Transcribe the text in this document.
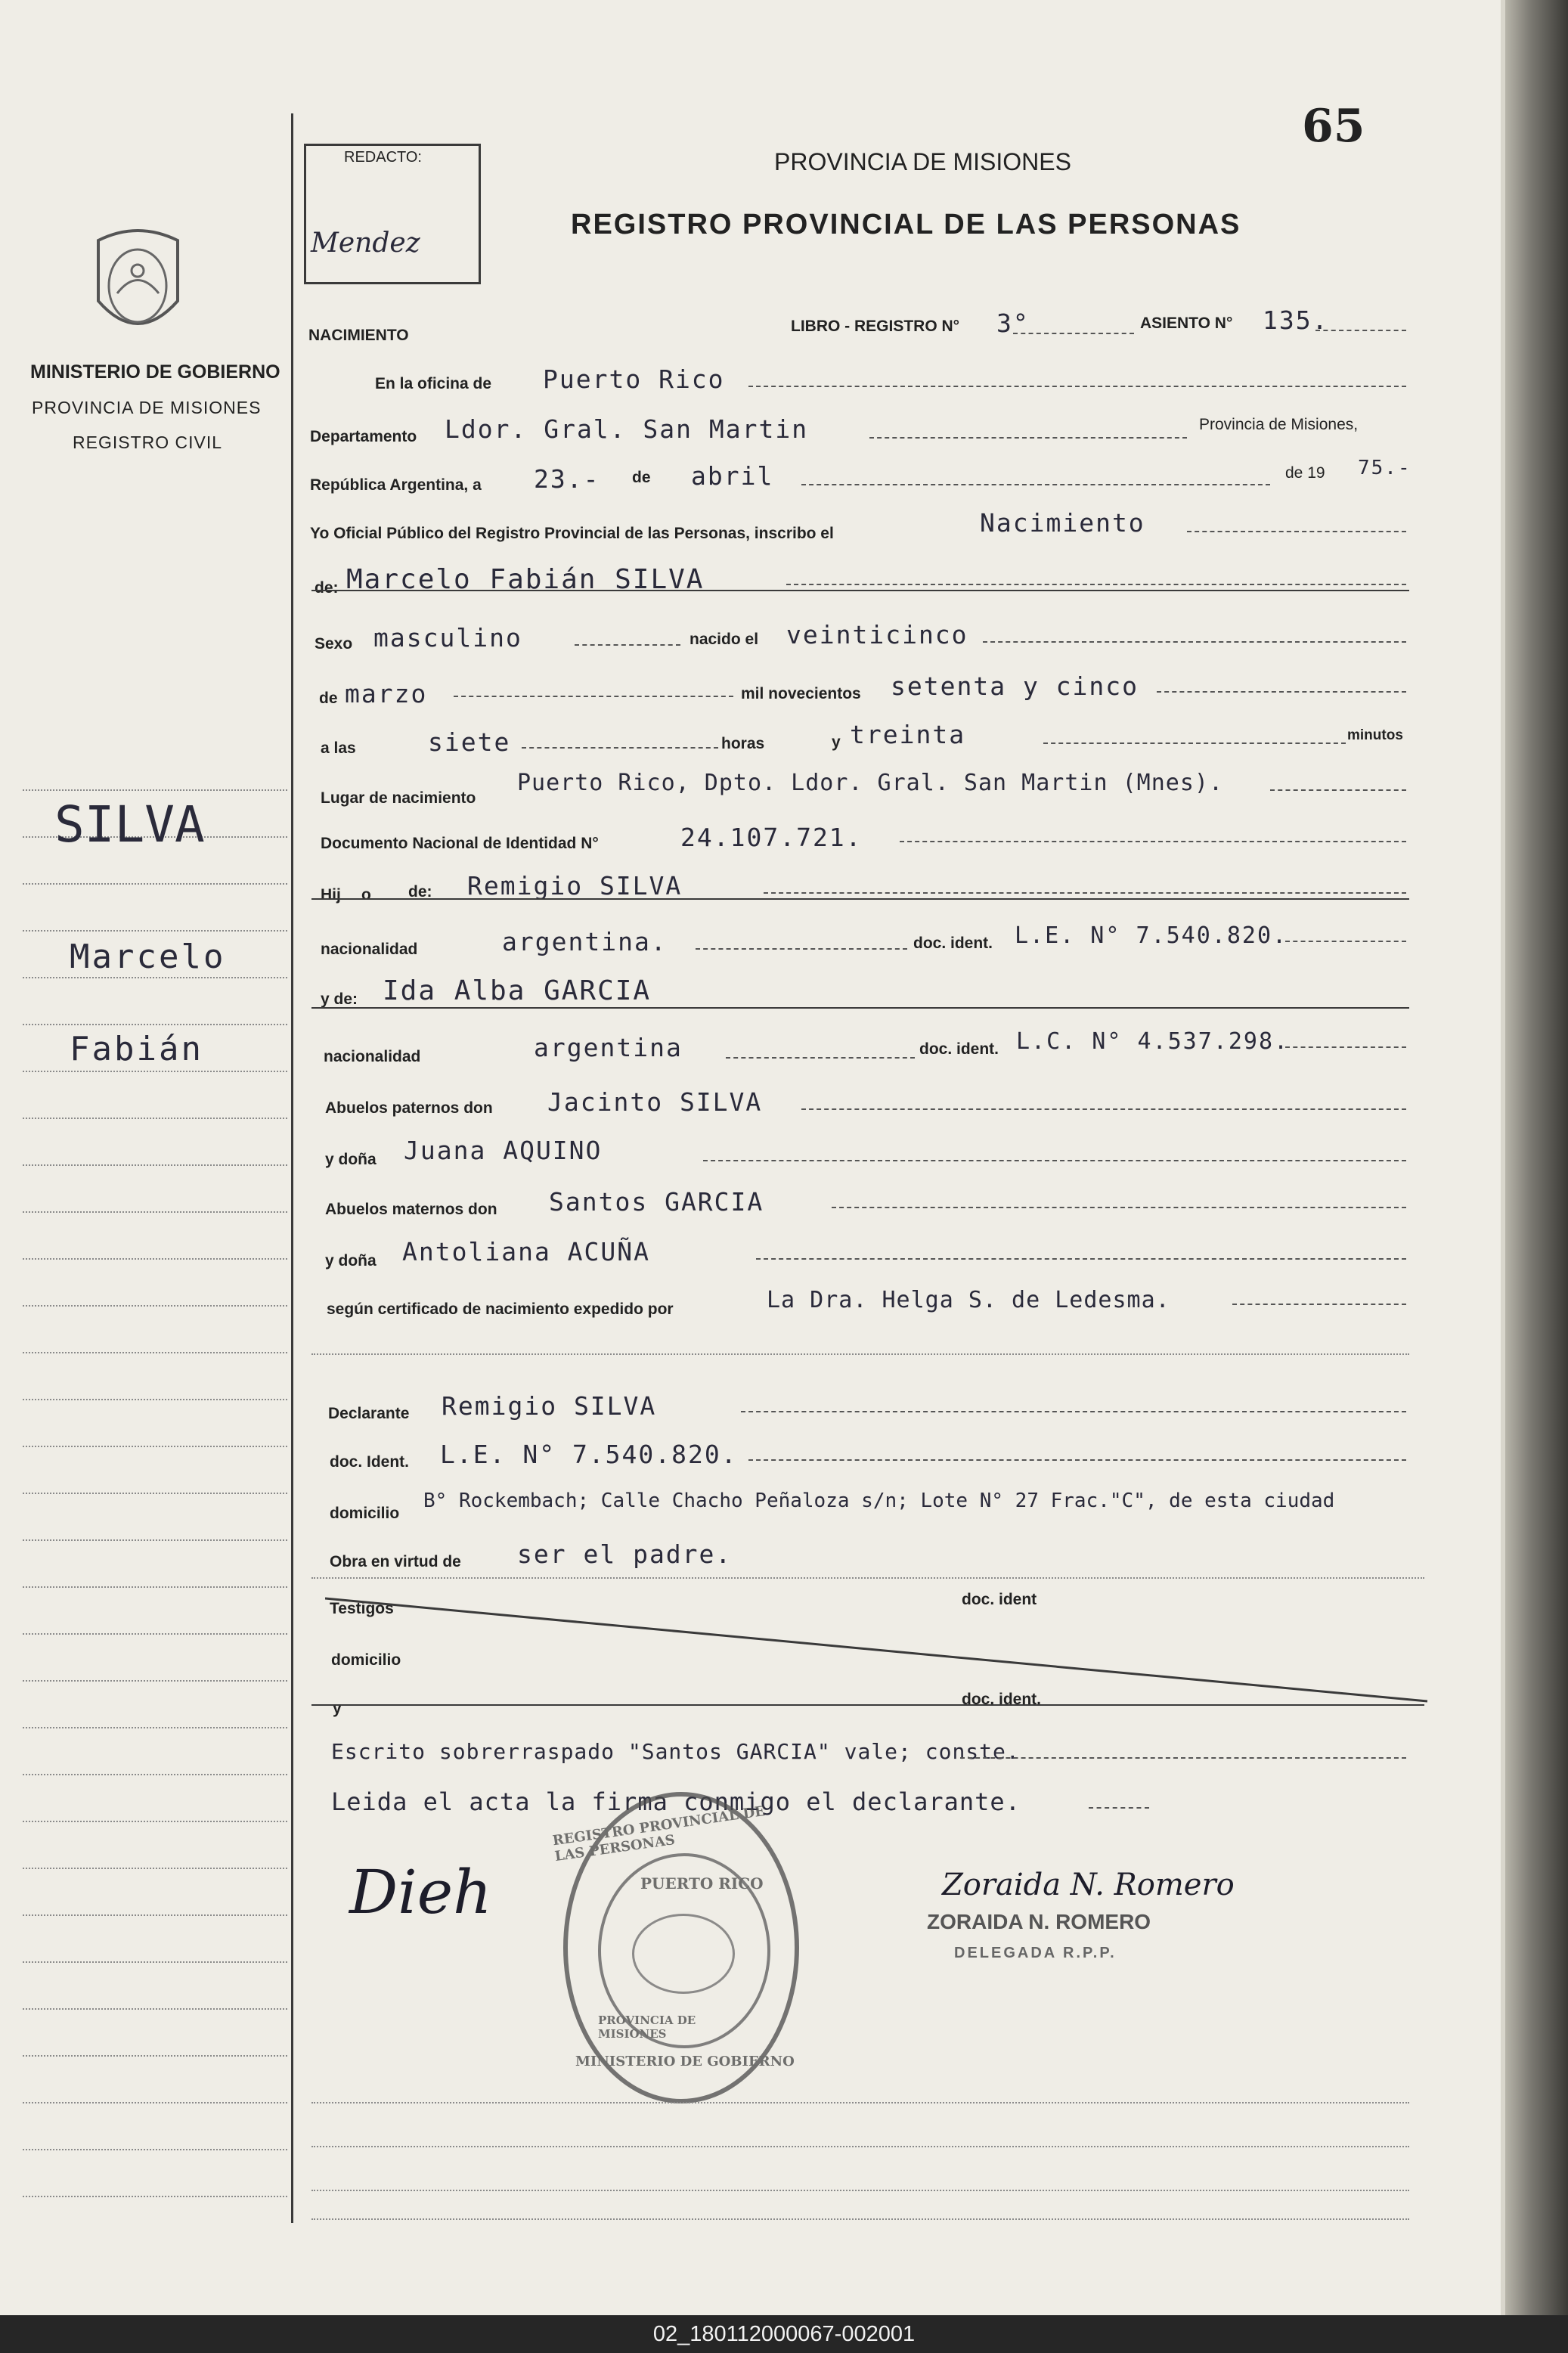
65
REDACTO:
Mendez
PROVINCIA DE MISIONES
REGISTRO PROVINCIAL DE LAS PERSONAS
MINISTERIO DE GOBIERNO
PROVINCIA DE MISIONES
REGISTRO CIVIL
SILVA
Marcelo
Fabián
NACIMIENTO
LIBRO - REGISTRO N° 3°	ASIENTO N° 135.
En la oficina de Puerto Rico
Departamento Ldor. Gral. San Martin	Provincia de Misiones,
República Argentina, a 23.- de abril	de 19 75.-
Yo Oficial Público del Registro Provincial de las Personas, inscribo el	Nacimiento
de: Marcelo Fabián SILVA
Sexo masculino	nacido el veinticinco
de marzo	mil novecientos setenta y cinco
a las	siete	horas	y treinta	minutos
Lugar de nacimiento
Puerto Rico, Dpto. Ldor. Gral. San Martin (Mnes).
Documento Nacional de Identidad N°	24.107.721.
Hij o de: Remigio SILVA
nacionalidad	argentina.	doc. ident. L.E. N° 7.540.820.
y de: Ida Alba GARCIA
nacionalidad	argentina	doc. ident. L.C. N° 4.537.298.
Abuelos paternos don Jacinto SILVA
y doña Juana AQUINO
Abuelos maternos don Santos GARCIA
y doña Antoliana ACUÑA
según certificado de nacimiento expedido por	La Dra. Helga S. de Ledesma.
Declarante Remigio SILVA
doc. Ident. L.E. N° 7.540.820.
domicilio
B° Rockembach; Calle Chacho Peñaloza s/n; Lote N° 27 Frac."C", de esta ciudad
Obra en virtud de ser el padre.
Testigos
doc. ident
domicilio
y
doc. ident.
Escrito sobrerraspado "Santos GARCIA" vale; conste.
Leida el acta la firma conmigo el declarante.
Dieh	Zoraida N. Romero
ZORAIDA N. ROMERO
DELEGADA R.P.P.
REGISTRO PROVINCIAL DE LAS PERSONAS
PUERTO RICO
PROVINCIA DE MISIONES
MINISTERIO DE GOBIERNO
02_180112000067-002001
